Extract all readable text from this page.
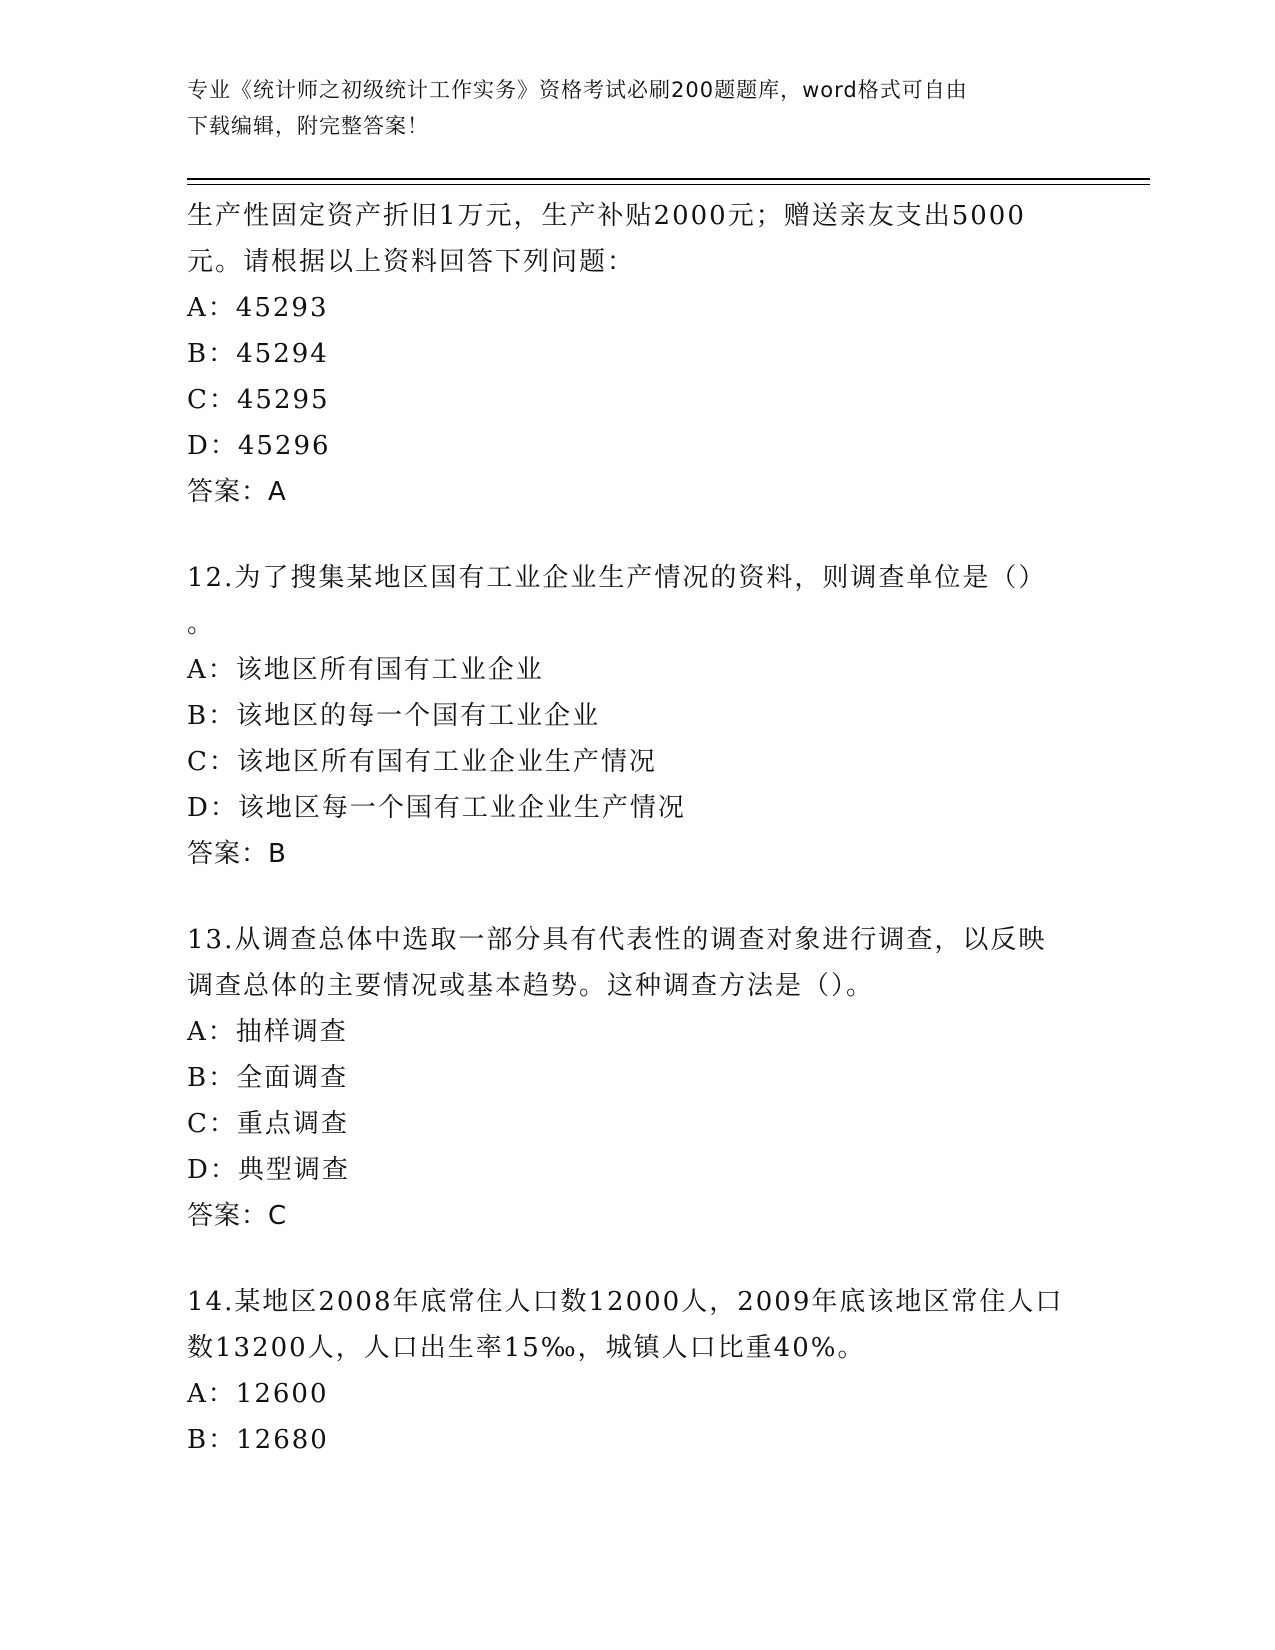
专业《统计师之初级统计工作实务》资格考试必刷200题题库，word格式可自由
下载编辑，附完整答案！
生产性固定资产折旧1万元，生产补贴2000元；赠送亲友支出5000
元。请根据以上资料回答下列问题：
A：45293
B：45294
C：45295
D：45296
答案：A
12.为了搜集某地区国有工业企业生产情况的资料，则调查单位是（）
。
A：该地区所有国有工业企业
B：该地区的每一个国有工业企业
C：该地区所有国有工业企业生产情况
D：该地区每一个国有工业企业生产情况
答案：B
13.从调查总体中选取一部分具有代表性的调查对象进行调查，以反映
调查总体的主要情况或基本趋势。这种调查方法是（）。
A：抽样调查
B：全面调查
C：重点调查
D：典型调查
答案：C
14.某地区2008年底常住人口数12000人，2009年底该地区常住人口
数13200人，人口出生率15‰，城镇人口比重40%。
A：12600
B：12680
